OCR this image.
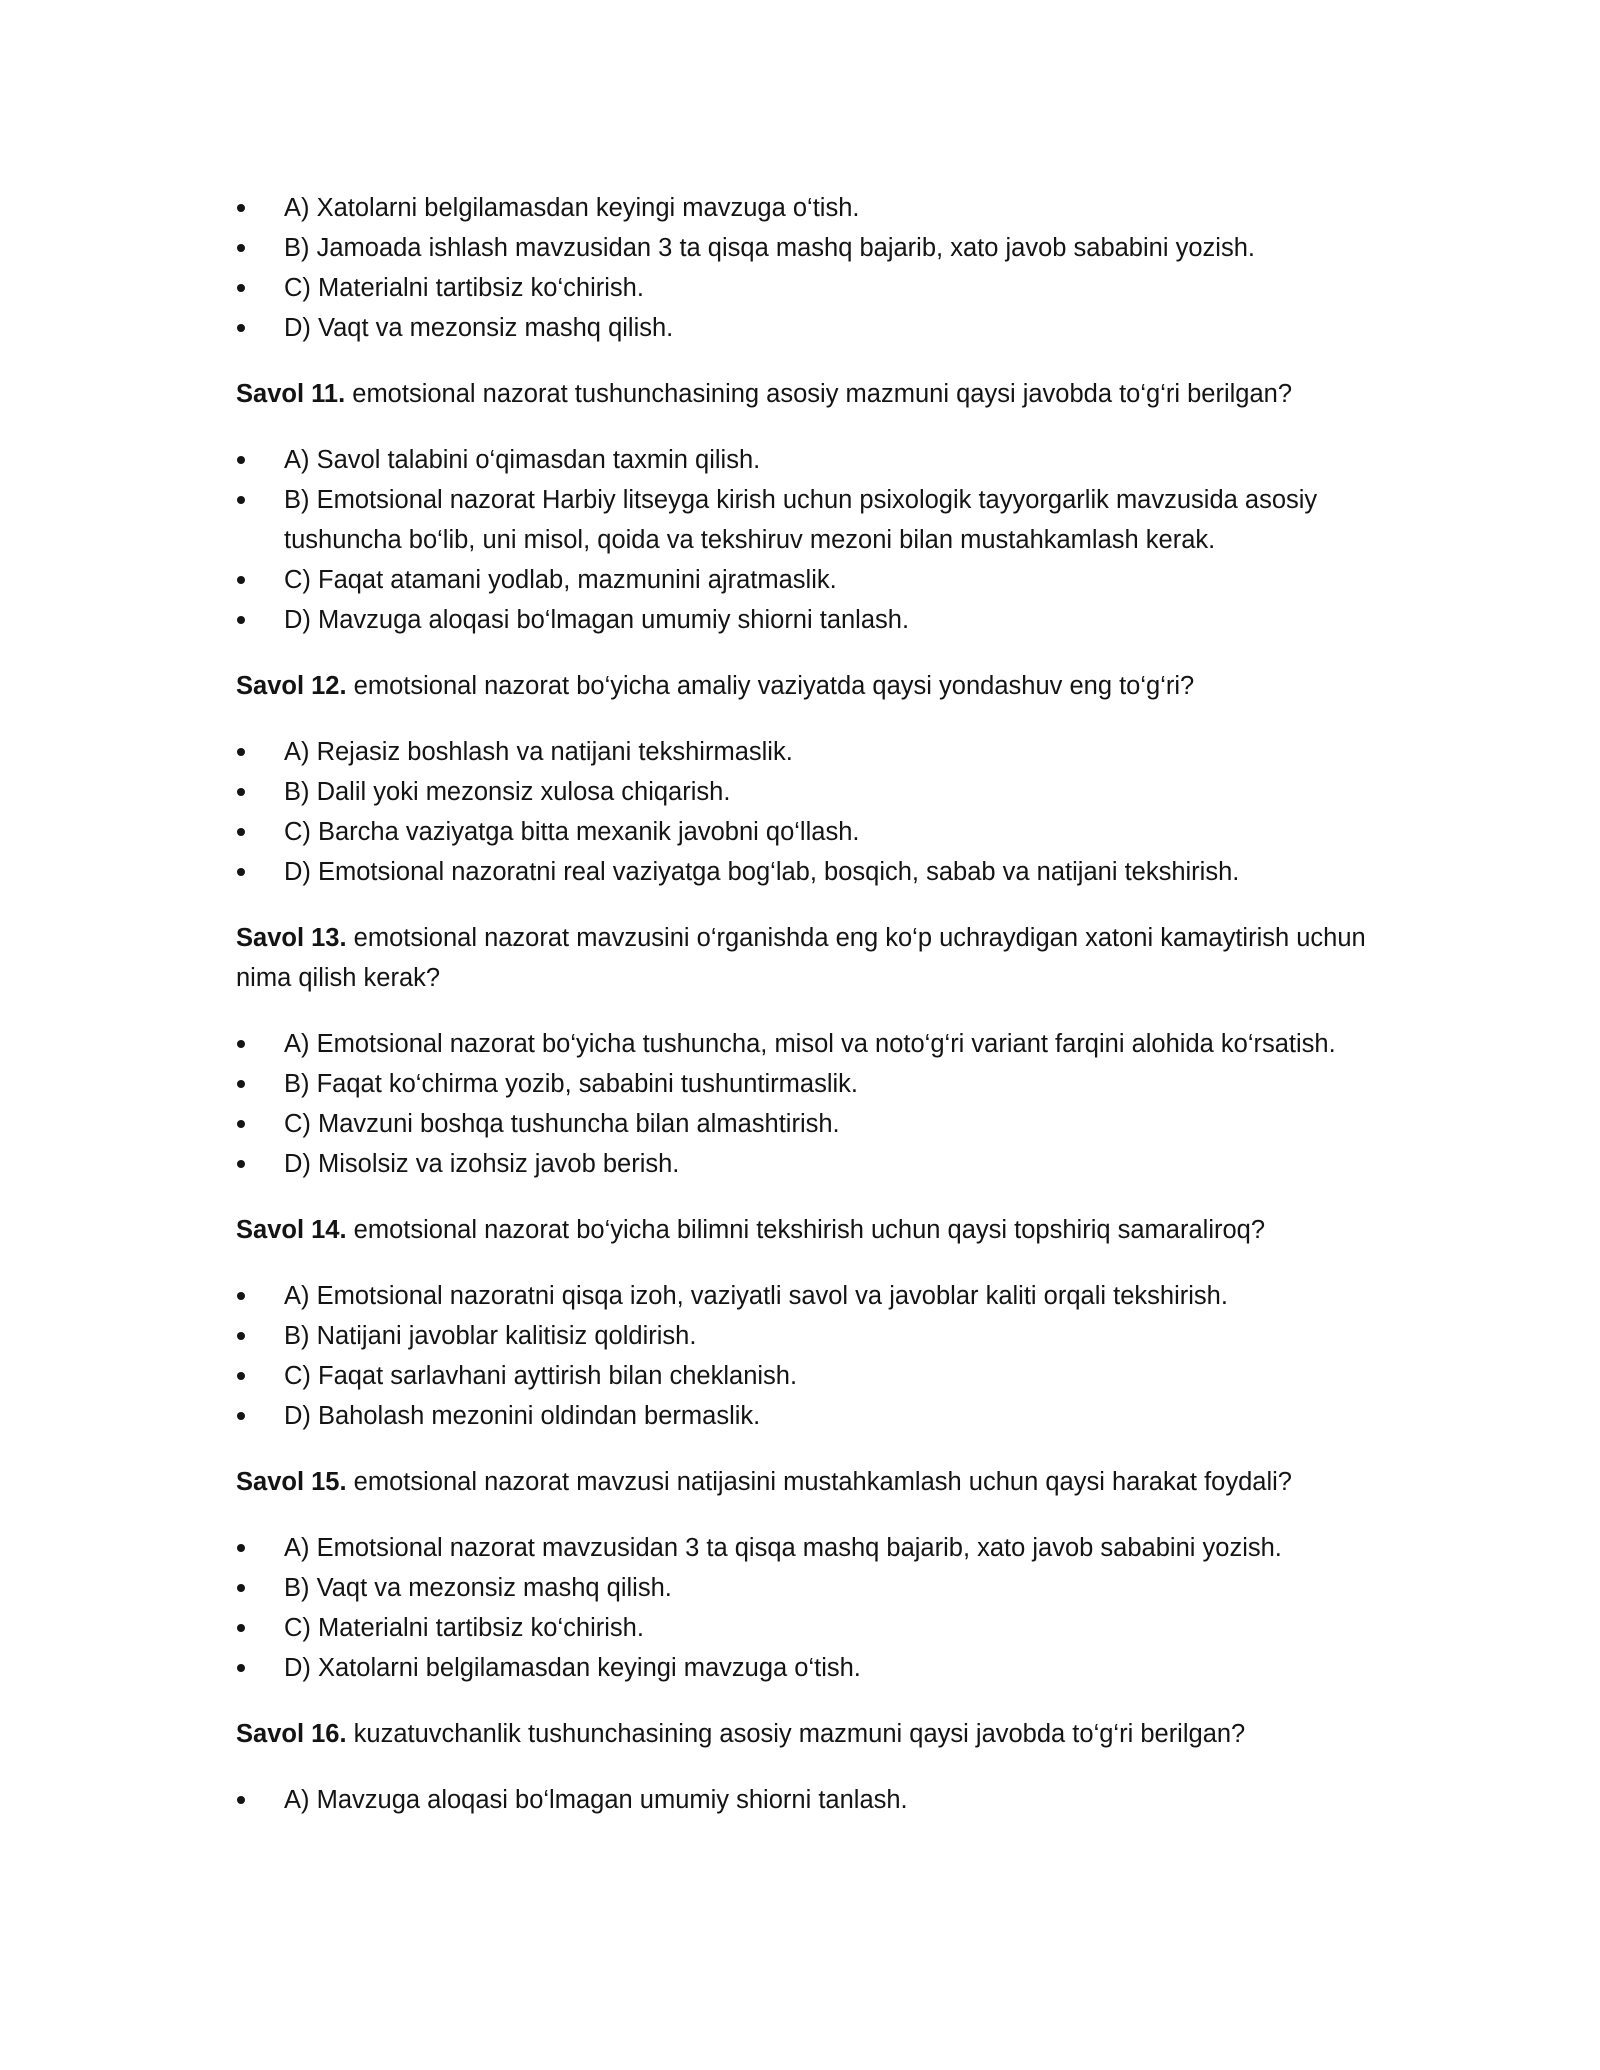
A) Xatolarni belgilamasdan keyingi mavzuga o‘tish.
B) Jamoada ishlash mavzusidan 3 ta qisqa mashq bajarib, xato javob sababini yozish.
C) Materialni tartibsiz ko‘chirish.
D) Vaqt va mezonsiz mashq qilish.

Savol 11. emotsional nazorat tushunchasining asosiy mazmuni qaysi javobda to‘g‘ri berilgan?

A) Savol talabini o‘qimasdan taxmin qilish.
B) Emotsional nazorat Harbiy litseyga kirish uchun psixologik tayyorgarlik mavzusida asosiy tushuncha bo‘lib, uni misol, qoida va tekshiruv mezoni bilan mustahkamlash kerak.
C) Faqat atamani yodlab, mazmunini ajratmaslik.
D) Mavzuga aloqasi bo‘lmagan umumiy shiorni tanlash.

Savol 12. emotsional nazorat bo‘yicha amaliy vaziyatda qaysi yondashuv eng to‘g‘ri?

A) Rejasiz boshlash va natijani tekshirmaslik.
B) Dalil yoki mezonsiz xulosa chiqarish.
C) Barcha vaziyatga bitta mexanik javobni qo‘llash.
D) Emotsional nazoratni real vaziyatga bog‘lab, bosqich, sabab va natijani tekshirish.

Savol 13. emotsional nazorat mavzusini o‘rganishda eng ko‘p uchraydigan xatoni kamaytirish uchun nima qilish kerak?

A) Emotsional nazorat bo‘yicha tushuncha, misol va noto‘g‘ri variant farqini alohida ko‘rsatish.
B) Faqat ko‘chirma yozib, sababini tushuntirmaslik.
C) Mavzuni boshqa tushuncha bilan almashtirish.
D) Misolsiz va izohsiz javob berish.

Savol 14. emotsional nazorat bo‘yicha bilimni tekshirish uchun qaysi topshiriq samaraliroq?

A) Emotsional nazoratni qisqa izoh, vaziyatli savol va javoblar kaliti orqali tekshirish.
B) Natijani javoblar kalitisiz qoldirish.
C) Faqat sarlavhani ayttirish bilan cheklanish.
D) Baholash mezonini oldindan bermaslik.

Savol 15. emotsional nazorat mavzusi natijasini mustahkamlash uchun qaysi harakat foydali?

A) Emotsional nazorat mavzusidan 3 ta qisqa mashq bajarib, xato javob sababini yozish.
B) Vaqt va mezonsiz mashq qilish.
C) Materialni tartibsiz ko‘chirish.
D) Xatolarni belgilamasdan keyingi mavzuga o‘tish.

Savol 16. kuzatuvchanlik tushunchasining asosiy mazmuni qaysi javobda to‘g‘ri berilgan?

A) Mavzuga aloqasi bo‘lmagan umumiy shiorni tanlash.
